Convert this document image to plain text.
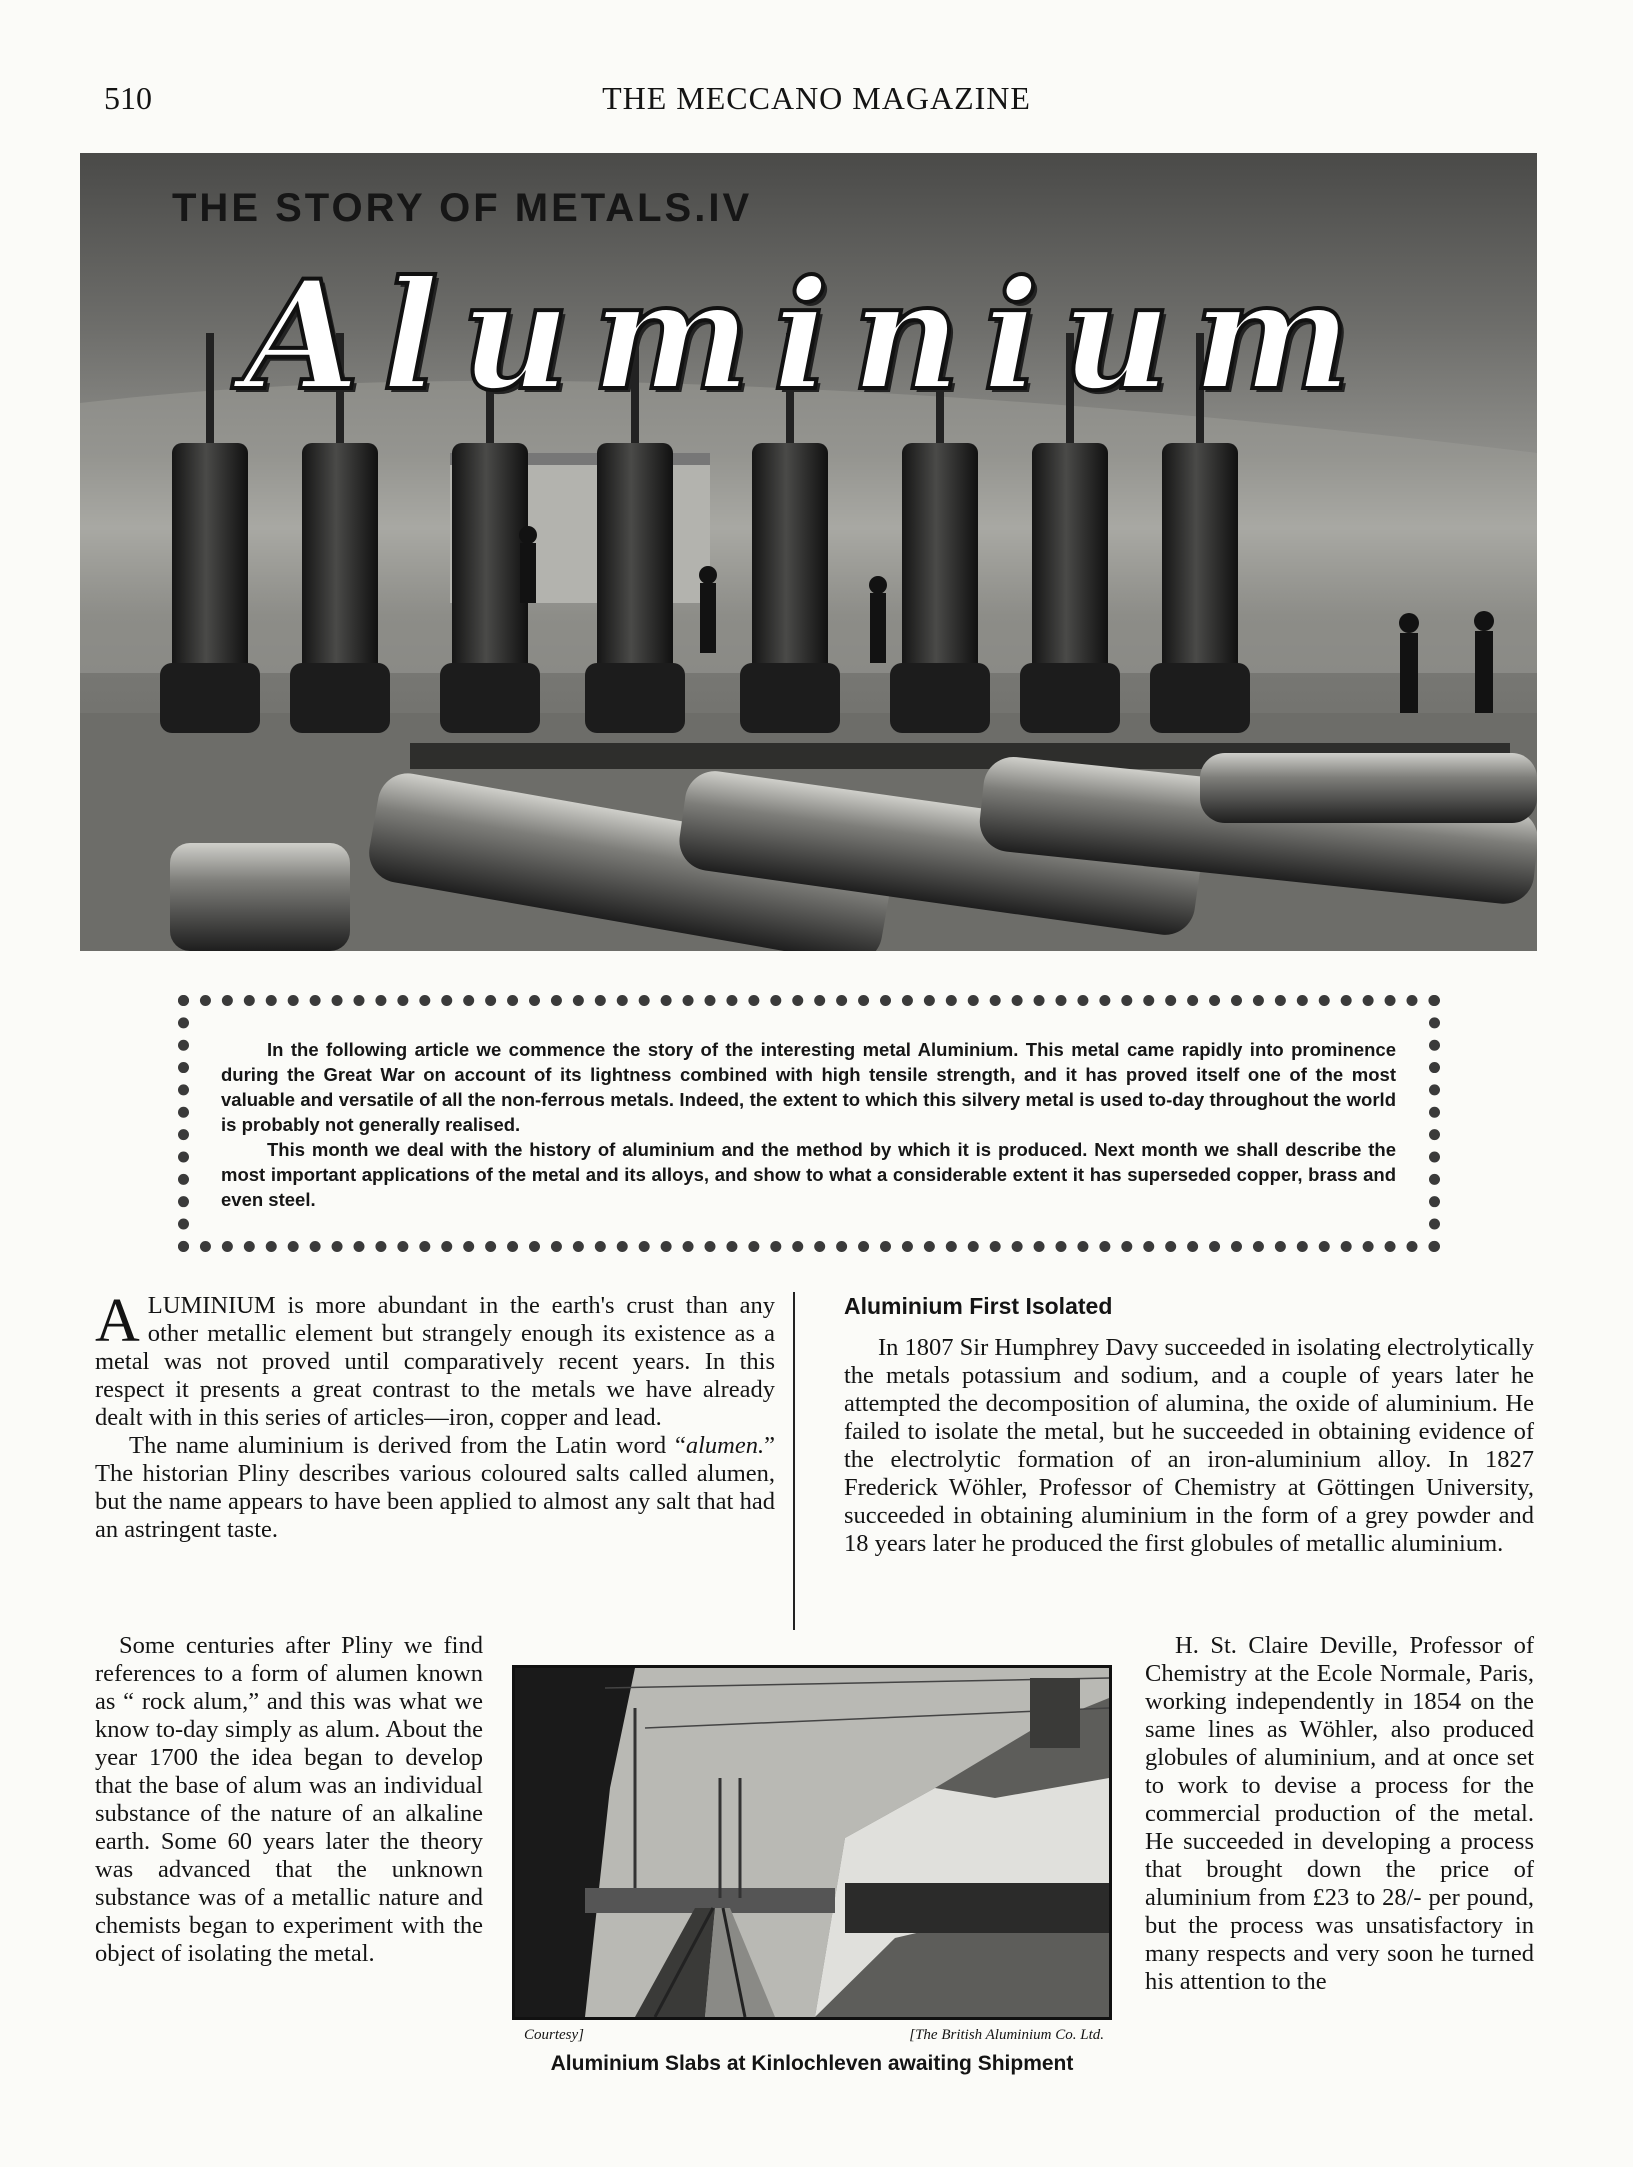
510	THE MECCANO MAGAZINE
THE STORY OF METALS.IV
Aluminium

In the following article we commence the story of the interesting metal Aluminium. This metal came rapidly into prominence during the Great War on account of its lightness combined with high tensile strength, and it has proved itself one of the most valuable and versatile of all the non-ferrous metals. Indeed, the extent to which this silvery metal is used to-day throughout the world is probably not generally realised.

This month we deal with the history of aluminium and the method by which it is produced. Next month we shall describe the most important applications of the metal and its alloys, and show to what a considerable extent it has superseded copper, brass and even steel.

ALUMINIUM is more abundant in the earth's crust than any other metallic element but strangely enough its existence as a metal was not proved until comparatively recent years. In this respect it presents a great contrast to the metals we have already dealt with in this series of articles—iron, copper and lead.

The name aluminium is derived from the Latin word “alumen.” The historian Pliny describes various coloured salts called alumen, but the name appears to have been applied to almost any salt that had an astringent taste.

Some centuries after Pliny we find references to a form of alumen known as “ rock alum,” and this was what we know to-day simply as alum. About the year 1700 the idea began to develop that the base of alum was an individual substance of the nature of an alkaline earth. Some 60 years later the theory was advanced that the unknown substance was of a metallic nature and chemists began to experiment with the object of isolating the metal.

Aluminium First Isolated

In 1807 Sir Humphrey Davy succeeded in isolating electrolytically the metals potassium and sodium, and a couple of years later he attempted the decomposition of alumina, the oxide of aluminium. He failed to isolate the metal, but he succeeded in obtaining evidence of the electrolytic formation of an iron-aluminium alloy. In 1827 Frederick Wöhler, Professor of Chemistry at Göttingen University, succeeded in obtaining aluminium in the form of a grey powder and 18 years later he produced the first globules of metallic aluminium.

H. St. Claire Deville, Professor of Chemistry at the Ecole Normale, Paris, working independently in 1854 on the same lines as Wöhler, also produced globules of aluminium, and at once set to work to devise a process for the commercial production of the metal. He succeeded in developing a process that brought down the price of aluminium from £23 to 28/- per pound, but the process was unsatisfactory in many respects and very soon he turned his attention to the

Courtesy]	[The British Aluminium Co. Ltd.
Aluminium Slabs at Kinlochleven awaiting Shipment
